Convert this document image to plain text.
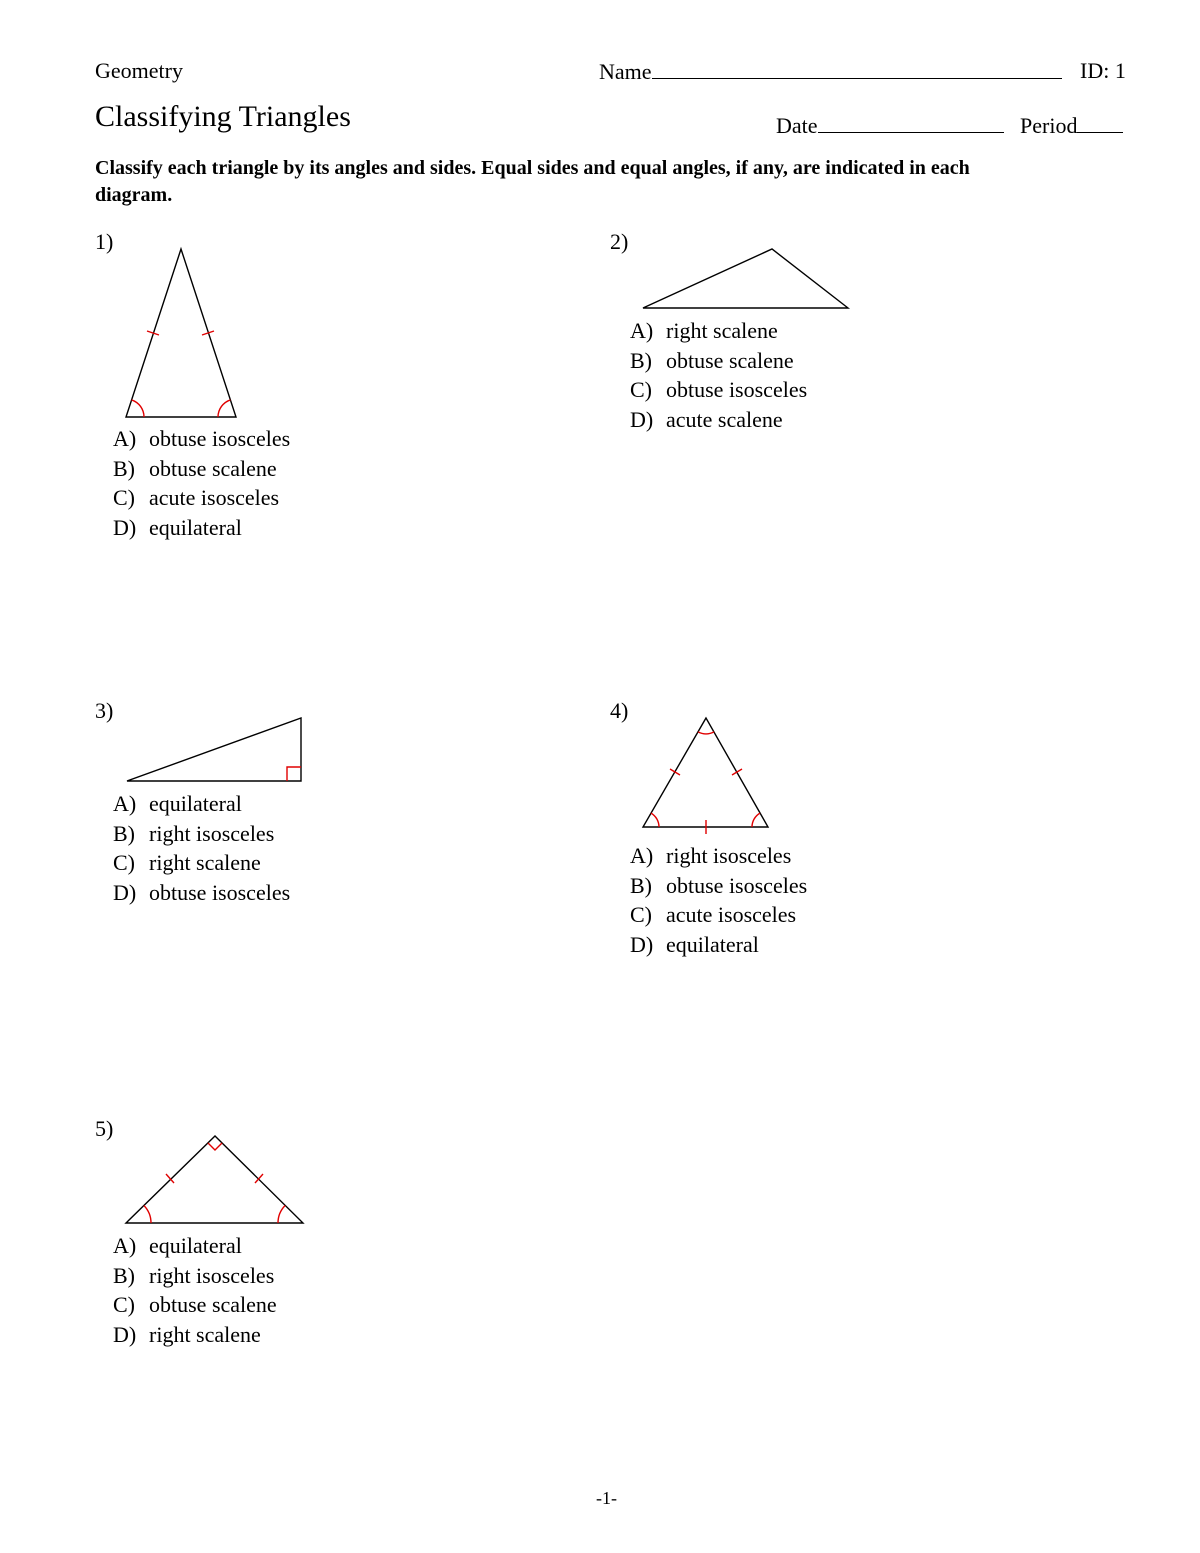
Geometry	Name	ID: 1
Classifying Triangles	Date	Period
Classify each triangle by its angles and sides. Equal sides and equal angles, if any, are indicated in each diagram.
1)
A) obtuse isosceles
B) obtuse scalene
C) acute isosceles
D) equilateral
2)
A) right scalene
B) obtuse scalene
C) obtuse isosceles
D) acute scalene
3)
A) equilateral
B) right isosceles
C) right scalene
D) obtuse isosceles
4)
A) right isosceles
B) obtuse isosceles
C) acute isosceles
D) equilateral
5)
A) equilateral
B) right isosceles
C) obtuse scalene
D) right scalene
-1-
